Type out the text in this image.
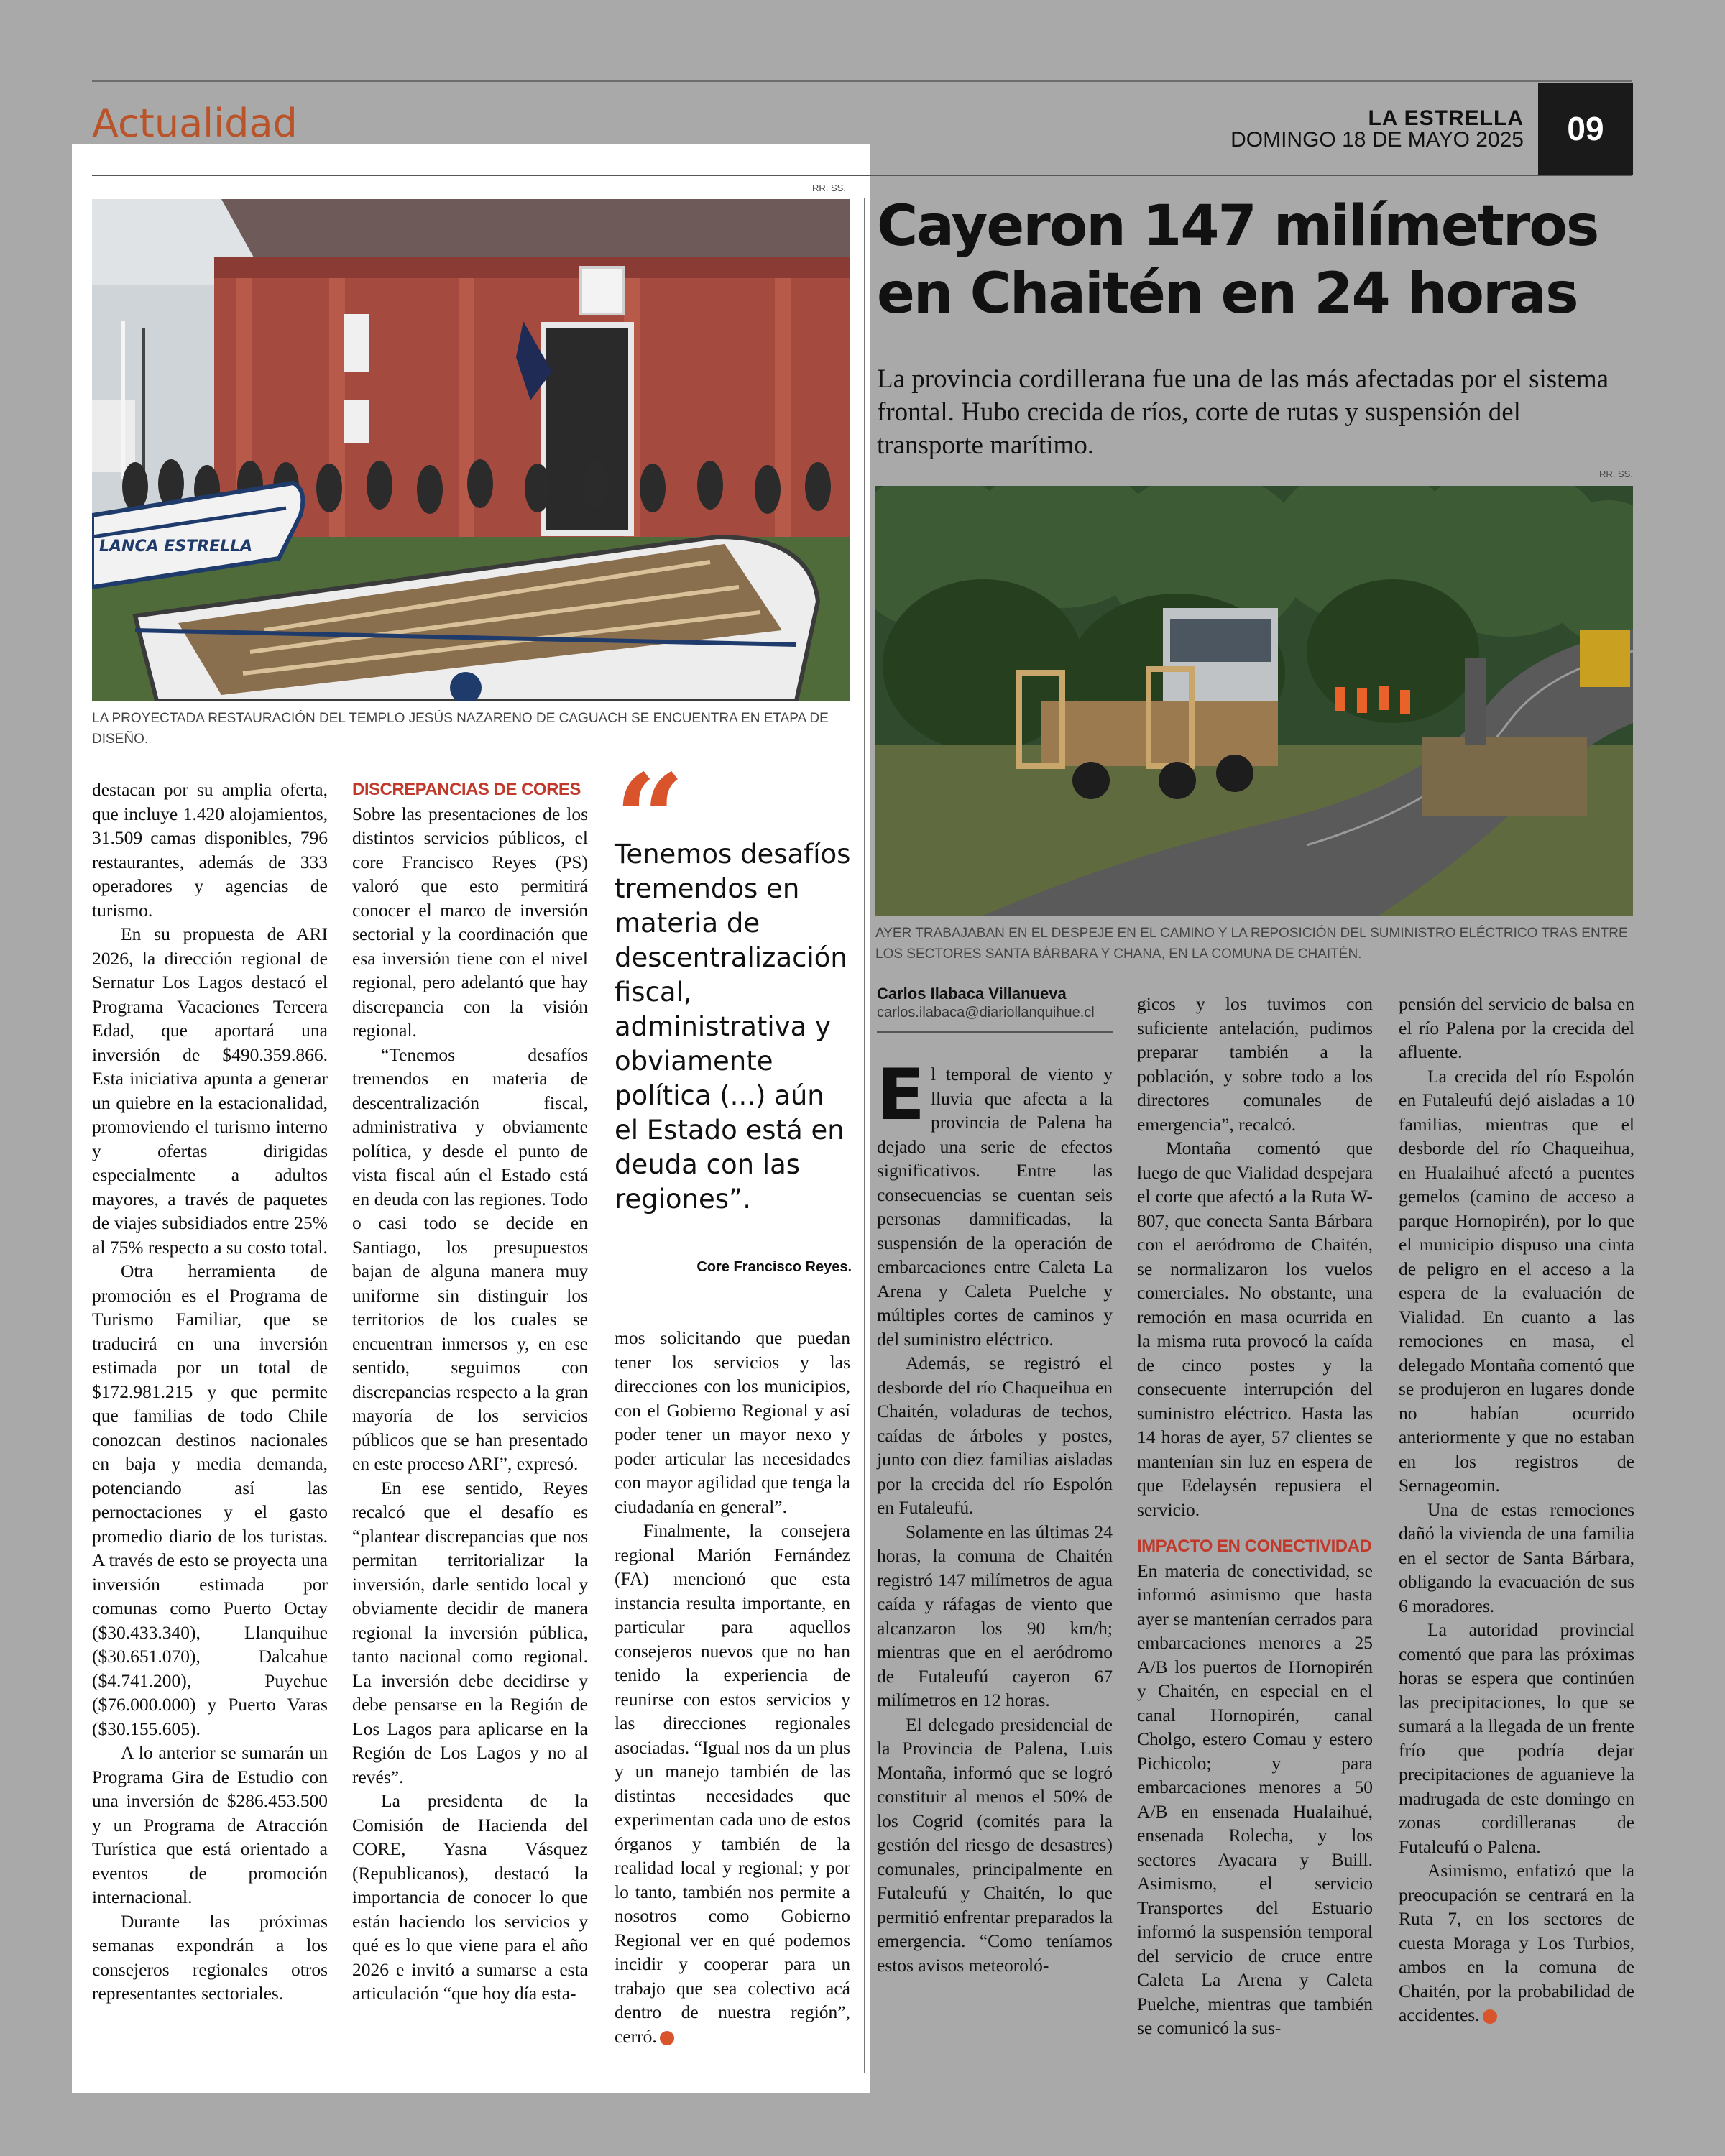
Actualidad	LA ESTRELLA
DOMINGO 18 DE MAYO 2025	09
RR. SS.
LANCA ESTRELLA
LA PROYECTADA RESTAURACIÓN DEL TEMPLO JESÚS NAZARENO DE CAGUACH SE ENCUENTRA EN ETAPA DE DISEÑO.

destacan por su amplia oferta, que incluye 1.420 alojamientos, 31.509 camas disponibles, 796 restaurantes, además de 333 operadores y agencias de turismo.

En su propuesta de ARI 2026, la dirección regional de Sernatur Los Lagos destacó el Programa Vacaciones Tercera Edad, que aportará una inversión de $490.359.866. Esta iniciativa apunta a generar un quiebre en la estacionalidad, promoviendo el turismo interno y ofertas dirigidas especialmente a adultos mayores, a través de paquetes de viajes subsidiados entre 25% al 75% respecto a su costo total.

Otra herramienta de promoción es el Programa de Turismo Familiar, que se traducirá en una inversión estimada por un total de $172.981.215 y que permite que familias de todo Chile conozcan destinos nacionales en baja y media demanda, potenciando así las pernoctaciones y el gasto promedio diario de los turistas. A través de esto se proyecta una inversión estimada por comunas como Puerto Octay ($30.433.340), Llanquihue ($30.651.070), Dalcahue ($4.741.200), Puyehue ($76.000.000) y Puerto Varas ($30.155.605).

A lo anterior se sumarán un Programa Gira de Estudio con una inversión de $286.453.500 y un Programa de Atracción Turística que está orientado a eventos de promoción internacional.

Durante las próximas semanas expondrán a los consejeros regionales otros representantes sectoriales.

DISCREPANCIAS DE CORES

Sobre las presentaciones de los distintos servicios públicos, el core Francisco Reyes (PS) valoró que esto permitirá conocer el marco de inversión sectorial y la coordinación que esa inversión tiene con el nivel regional, pero adelantó que hay discrepancia con la visión regional.

“Tenemos desafíos tremendos en materia de descentralización fiscal, administrativa y obviamente política, y desde el punto de vista fiscal aún el Estado está en deuda con las regiones. Todo o casi todo se decide en Santiago, los presupuestos bajan de alguna manera muy uniforme sin distinguir los territorios de los cuales se encuentran inmersos y, en ese sentido, seguimos con discrepancias respecto a la gran mayoría de los servicios públicos que se han presentado en este proceso ARI”, expresó.

En ese sentido, Reyes recalcó que el desafío es “plantear discrepancias que nos permitan territorializar la inversión, darle sentido local y obviamente decidir de manera regional la inversión pública, tanto nacional como regional. La inversión debe decidirse y debe pensarse en la Región de Los Lagos para aplicarse en la Región de Los Lagos y no al revés”.

La presidenta de la Comisión de Hacienda del CORE, Yasna Vásquez (Republicanos), destacó la importancia de conocer lo que están haciendo los servicios y qué es lo que viene para el año 2026 e invitó a sumarse a esta articulación “que hoy día esta-

“
Tenemos desafíos tremendos en materia de descentralización fiscal, administrativa y obviamente política (...) aún el Estado está en deuda con las regiones”.
Core Francisco Reyes.

mos solicitando que puedan tener los servicios y las direcciones con los municipios, con el Gobierno Regional y así poder tener un mayor nexo y poder articular las necesidades con mayor agilidad que tenga la ciudadanía en general”.

Finalmente, la consejera regional Marión Fernández (FA) mencionó que esta instancia resulta importante, en particular para aquellos consejeros nuevos que no han tenido la experiencia de reunirse con estos servicios y las direcciones regionales asociadas. “Igual nos da un plus y un manejo también de las distintas necesidades que experimentan cada uno de estos órganos y también de la realidad local y regional; y por lo tanto, también nos permite a nosotros como Gobierno Regional ver en qué podemos incidir y cooperar para un trabajo que sea colectivo acá dentro de nuestra región”, cerró.

Cayeron 147 milímetros
en Chaitén en 24 horas
La provincia cordillerana fue una de las más afectadas por el sistema frontal. Hubo crecida de ríos, corte de rutas y suspensión del transporte marítimo.
RR. SS.
AYER TRABAJABAN EN EL DESPEJE EN EL CAMINO Y LA REPOSICIÓN DEL SUMINISTRO ELÉCTRICO TRAS ENTRE LOS SECTORES SANTA BÁRBARA Y CHANA, EN LA COMUNA DE CHAITÉN.
Carlos Ilabaca Villanueva
carlos.ilabaca@diariollanquihue.cl

El temporal de viento y lluvia que afecta a la provincia de Palena ha dejado una serie de efectos significativos. Entre las consecuencias se cuentan seis personas damnificadas, la suspensión de la operación de embarcaciones entre Caleta La Arena y Caleta Puelche y múltiples cortes de caminos y del suministro eléctrico.

Además, se registró el desborde del río Chaqueihua en Chaitén, voladuras de techos, caídas de árboles y postes, junto con diez familias aisladas por la crecida del río Espolón en Futaleufú.

Solamente en las últimas 24 horas, la comuna de Chaitén registró 147 milímetros de agua caída y ráfagas de viento que alcanzaron los 90 km/h; mientras que en el aeródromo de Futaleufú cayeron 67 milímetros en 12 horas.

El delegado presidencial de la Provincia de Palena, Luis Montaña, informó que se logró constituir al menos el 50% de los Cogrid (comités para la gestión del riesgo de desastres) comunales, principalmente en Futaleufú y Chaitén, lo que permitió enfrentar preparados la emergencia. “Como teníamos estos avisos meteoroló-

gicos y los tuvimos con suficiente antelación, pudimos preparar también a la población, y sobre todo a los directores comunales de emergencia”, recalcó.

Montaña comentó que luego de que Vialidad despejara el corte que afectó a la Ruta W-807, que conecta Santa Bárbara con el aeródromo de Chaitén, se normalizaron los vuelos comerciales. No obstante, una remoción en masa ocurrida en la misma ruta provocó la caída de cinco postes y la consecuente interrupción del suministro eléctrico. Hasta las 14 horas de ayer, 57 clientes se mantenían sin luz en espera de que Edelaysén repusiera el servicio.

IMPACTO EN CONECTIVIDAD

En materia de conectividad, se informó asimismo que hasta ayer se mantenían cerrados para embarcaciones menores a 25 A/B los puertos de Hornopirén y Chaitén, en especial en el canal Hornopirén, canal Cholgo, estero Comau y estero Pichicolo; y para embarcaciones menores a 50 A/B en ensenada Hualaihué, ensenada Rolecha, y los sectores Ayacara y Buill. Asimismo, el servicio Transportes del Estuario informó la suspensión temporal del servicio de cruce entre Caleta La Arena y Caleta Puelche, mientras que también se comunicó la sus-

pensión del servicio de balsa en el río Palena por la crecida del afluente.

La crecida del río Espolón en Futaleufú dejó aisladas a 10 familias, mientras que el desborde del río Chaqueihua, en Hualaihué afectó a puentes gemelos (camino de acceso a parque Hornopirén), por lo que el municipio dispuso una cinta de peligro en el acceso a la espera de la evaluación de Vialidad. En cuanto a las remociones en masa, el delegado Montaña comentó que se produjeron en lugares donde no habían ocurrido anteriormente y que no estaban en los registros de Sernageomin.

Una de estas remociones dañó la vivienda de una familia en el sector de Santa Bárbara, obligando la evacuación de sus 6 moradores.

La autoridad provincial comentó que para las próximas horas se espera que continúen las precipitaciones, lo que se sumará a la llegada de un frente frío que podría dejar precipitaciones de aguanieve la madrugada de este domingo en zonas cordilleranas de Futaleufú o Palena.

Asimismo, enfatizó que la preocupación se centrará en la Ruta 7, en los sectores de cuesta Moraga y Los Turbios, ambos en la comuna de Chaitén, por la probabilidad de accidentes.
